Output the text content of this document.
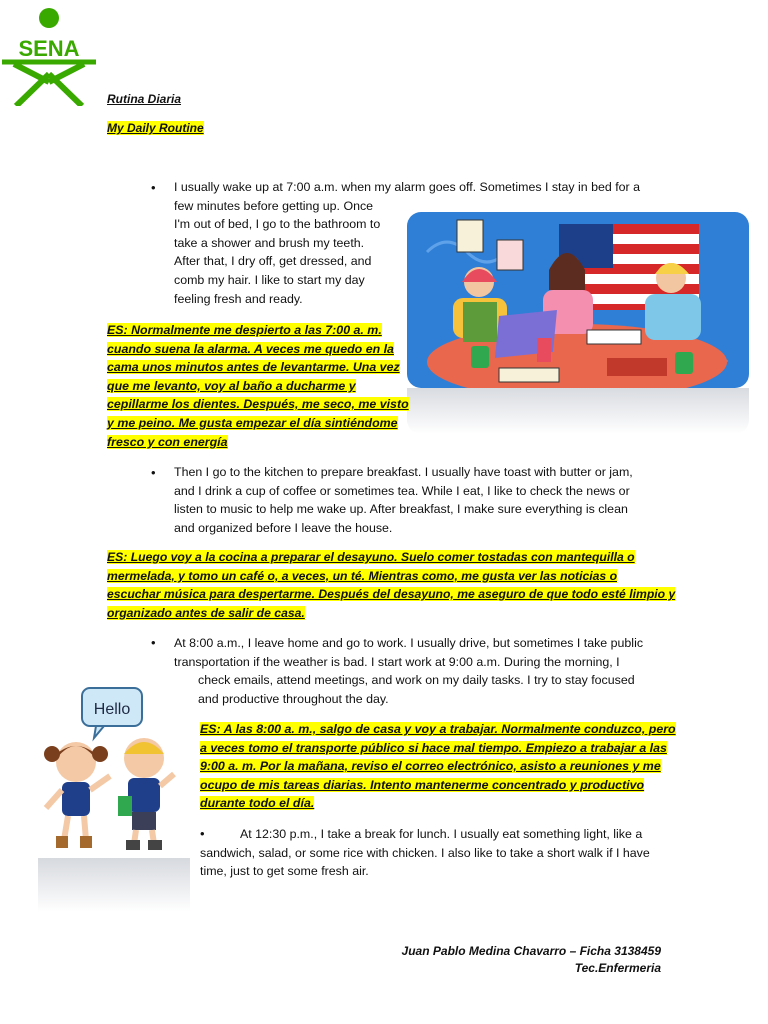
SENA
Rutina Diaria
My Daily Routine
• I usually wake up at 7:00 a.m. when my alarm goes off. Sometimes I stay in bed for a
few minutes before getting up. Once
I'm out of bed, I go to the bathroom to
take a shower and brush my teeth.
After that, I dry off, get dressed, and
comb my hair. I like to start my day
feeling fresh and ready.
ES: Normalmente me despierto a las 7:00 a. m.
cuando suena la alarma. A veces me quedo en la
cama unos minutos antes de levantarme. Una vez
que me levanto, voy al baño a ducharme y
cepillarme los dientes. Después, me seco, me visto
y me peino. Me gusta empezar el día sintiéndome
fresco y con energía
• Then I go to the kitchen to prepare breakfast. I usually have toast with butter or jam,
and I drink a cup of coffee or sometimes tea. While I eat, I like to check the news or
listen to music to help me wake up. After breakfast, I make sure everything is clean
and organized before I leave the house.
ES: Luego voy a la cocina a preparar el desayuno. Suelo comer tostadas con mantequilla o
mermelada, y tomo un café o, a veces, un té. Mientras como, me gusta ver las noticias o
escuchar música para despertarme. Después del desayuno, me aseguro de que todo esté limpio y
organizado antes de salir de casa.
• At 8:00 a.m., I leave home and go to work. I usually drive, but sometimes I take public
transportation if the weather is bad. I start work at 9:00 a.m. During the morning, I
check emails, attend meetings, and work on my daily tasks. I try to stay focused
and productive throughout the day.
Hello
ES: A las 8:00 a. m., salgo de casa y voy a trabajar. Normalmente conduzco, pero
a veces tomo el transporte público si hace mal tiempo. Empiezo a trabajar a las
9:00 a. m. Por la mañana, reviso el correo electrónico, asisto a reuniones y me
ocupo de mis tareas diarias. Intento mantenerme concentrado y productivo
durante todo el día.
•	At 12:30 p.m., I take a break for lunch. I usually eat something light, like a
sandwich, salad, or some rice with chicken. I also like to take a short walk if I have
time, just to get some fresh air.
Juan Pablo Medina Chavarro – Ficha 3138459
Tec.Enfermeria
